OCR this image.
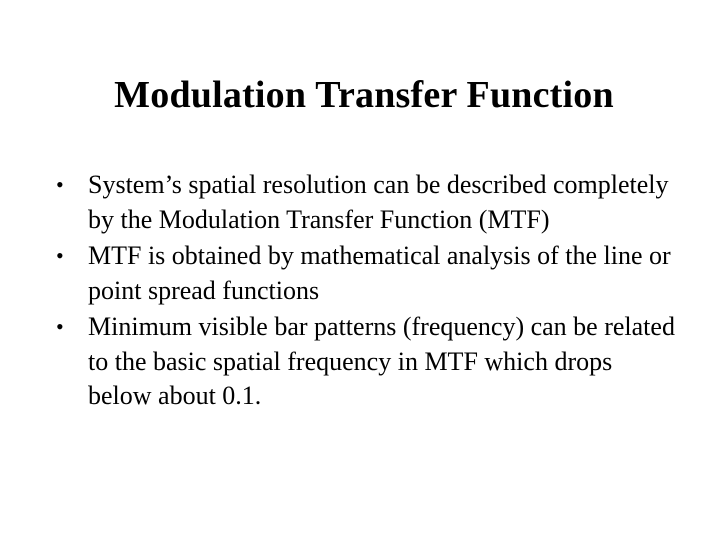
Modulation Transfer Function
• System’s spatial resolution can be described completely by the Modulation Transfer Function (MTF)
• MTF is obtained by mathematical analysis of the line or point spread functions
• Minimum visible bar patterns (frequency) can be related to the basic spatial frequency in MTF which drops below about 0.1.
